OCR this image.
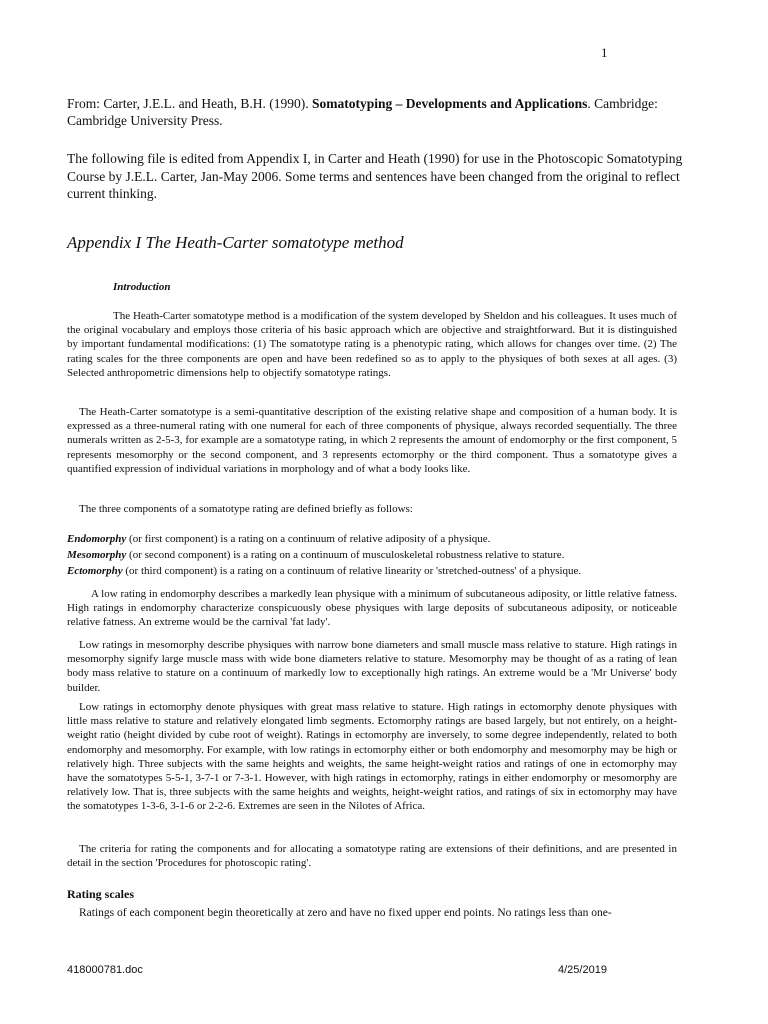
1
From: Carter, J.E.L. and Heath, B.H. (1990). Somatotyping – Developments and Applications. Cambridge: Cambridge University Press.
The following file is edited from Appendix I, in Carter and Heath (1990) for use in the Photoscopic Somatotyping Course by J.E.L. Carter, Jan-May 2006. Some terms and sentences have been changed from the original to reflect current thinking.
Appendix I The Heath-Carter somatotype method
Introduction
The Heath-Carter somatotype method is a modification of the system developed by Sheldon and his colleagues. It uses much of the original vocabulary and employs those criteria of his basic approach which are objective and straightforward. But it is distinguished by important fundamental modifications: (1) The somatotype rating is a phenotypic rating, which allows for changes over time. (2) The rating scales for the three components are open and have been redefined so as to apply to the physiques of both sexes at all ages. (3) Selected anthropometric dimensions help to objectify somatotype ratings.
The Heath-Carter somatotype is a semi-quantitative description of the existing relative shape and composition of a human body. It is expressed as a three-numeral rating with one numeral for each of three components of physique, always recorded sequentially. The three numerals written as 2-5-3, for example are a somatotype rating, in which 2 represents the amount of endomorphy or the first component, 5 represents mesomorphy or the second component, and 3 represents ectomorphy or the third component. Thus a somatotype gives a quantified expression of individual variations in morphology and of what a body looks like.
The three components of a somatotype rating are defined briefly as follows:
Endomorphy (or first component) is a rating on a continuum of relative adiposity of a physique.
Mesomorphy (or second component) is a rating on a continuum of musculoskeletal robustness relative to stature.
Ectomorphy (or third component) is a rating on a continuum of relative linearity or 'stretched-outness' of a physique.
A low rating in endomorphy describes a markedly lean physique with a minimum of subcutaneous adiposity, or little relative fatness. High ratings in endomorphy characterize conspicuously obese physiques with large deposits of subcutaneous adiposity, or noticeable relative fatness. An extreme would be the carnival 'fat lady'.
Low ratings in mesomorphy describe physiques with narrow bone diameters and small muscle mass relative to stature. High ratings in mesomorphy signify large muscle mass with wide bone diameters relative to stature. Mesomorphy may be thought of as a rating of lean body mass relative to stature on a continuum of markedly low to exceptionally high ratings. An extreme would be a 'Mr Universe' body builder.
Low ratings in ectomorphy denote physiques with great mass relative to stature. High ratings in ectomorphy denote physiques with little mass relative to stature and relatively elongated limb segments. Ectomorphy ratings are based largely, but not entirely, on a height-weight ratio (height divided by cube root of weight). Ratings in ectomorphy are inversely, to some degree independently, related to both endomorphy and mesomorphy. For example, with low ratings in ectomorphy either or both endomorphy and mesomorphy may be high or relatively high. Three subjects with the same heights and weights, the same height-weight ratios and ratings of one in ectomorphy may have the somatotypes 5-5-1, 3-7-1 or 7-3-1. However, with high ratings in ectomorphy, ratings in either endomorphy or mesomorphy are relatively low. That is, three subjects with the same heights and weights, height-weight ratios, and ratings of six in ectomorphy may have the somatotypes 1-3-6, 3-1-6 or 2-2-6. Extremes are seen in the Nilotes of Africa.
The criteria for rating the components and for allocating a somatotype rating are extensions of their definitions, and are presented in detail in the section 'Procedures for photoscopic rating'.
Rating scales
Ratings of each component begin theoretically at zero and have no fixed upper end points. No ratings less than one-
418000781.doc	4/25/2019
